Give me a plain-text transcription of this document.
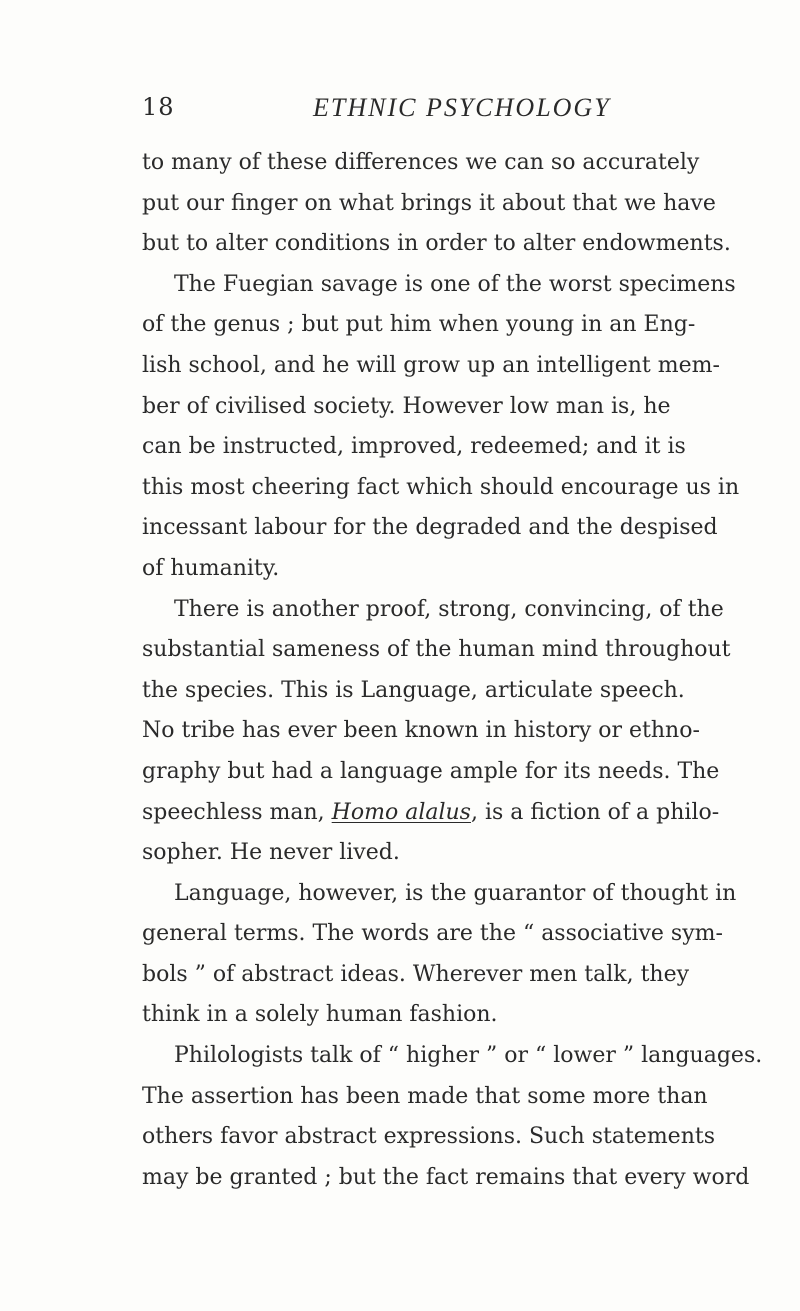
18	ETHNIC PSYCHOLOGY
to many of these differences we can so accurately
put our finger on what brings it about that we have
but to alter conditions in order to alter endowments.
The Fuegian savage is one of the worst specimens
of the genus ; but put him when young in an Eng-
lish school, and he will grow up an intelligent mem-
ber of civilised society. However low man is, he
can be instructed, improved, redeemed; and it is
this most cheering fact which should encourage us in
incessant labour for the degraded and the despised
of humanity.
There is another proof, strong, convincing, of the
substantial sameness of the human mind throughout
the species. This is Language, articulate speech.
No tribe has ever been known in history or ethno-
graphy but had a language ample for its needs. The
speechless man, Homo alalus, is a fiction of a philo-
sopher. He never lived.
Language, however, is the guarantor of thought in
general terms. The words are the “ associative sym-
bols ” of abstract ideas. Wherever men talk, they
think in a solely human fashion.
Philologists talk of “ higher ” or “ lower ” languages.
The assertion has been made that some more than
others favor abstract expressions. Such statements
may be granted ; but the fact remains that every word
